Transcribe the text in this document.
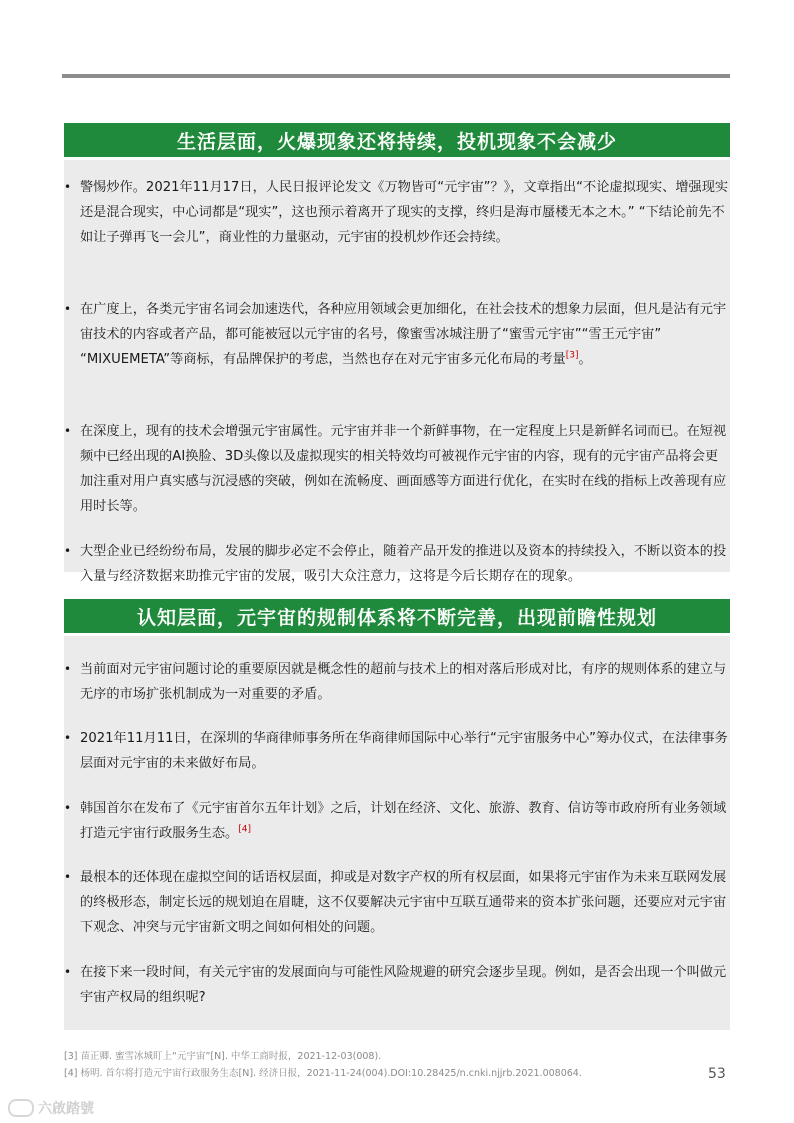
生活层面，火爆现象还将持续，投机现象不会减少
• 警惕炒作。2021年11月17日，人民日报评论发文《万物皆可“元宇宙”？》，文章指出“不论虚拟现实、增强现实还是混合现实，中心词都是“现实”，这也预示着离开了现实的支撑，终归是海市蜃楼无本之木。” “下结论前先不如让子弹再飞一会儿”，商业性的力量驱动，元宇宙的投机炒作还会持续。
• 在广度上，各类元宇宙名词会加速迭代，各种应用领域会更加细化，在社会技术的想象力层面，但凡是沾有元宇宙技术的内容或者产品，都可能被冠以元宇宙的名号，像蜜雪冰城注册了“蜜雪元宇宙”“雪王元宇宙” “MIXUEMETA”等商标，有品牌保护的考虑，当然也存在对元宇宙多元化布局的考量[3]。
• 在深度上，现有的技术会增强元宇宙属性。元宇宙并非一个新鲜事物，在一定程度上只是新鲜名词而已。在短视频中已经出现的AI换脸、3D头像以及虚拟现实的相关特效均可被视作元宇宙的内容，现有的元宇宙产品将会更加注重对用户真实感与沉浸感的突破，例如在流畅度、画面感等方面进行优化，在实时在线的指标上改善现有应用时长等。
• 大型企业已经纷纷布局，发展的脚步必定不会停止，随着产品开发的推进以及资本的持续投入，不断以资本的投入量与经济数据来助推元宇宙的发展，吸引大众注意力，这将是今后长期存在的现象。
认知层面，元宇宙的规制体系将不断完善，出现前瞻性规划
• 当前面对元宇宙问题讨论的重要原因就是概念性的超前与技术上的相对落后形成对比，有序的规则体系的建立与无序的市场扩张机制成为一对重要的矛盾。
• 2021年11月11日，在深圳的华商律师事务所在华商律师国际中心举行“元宇宙服务中心”筹办仪式，在法律事务层面对元宇宙的未来做好布局。
• 韩国首尔在发布了《元宇宙首尔五年计划》之后，计划在经济、文化、旅游、教育、信访等市政府所有业务领域打造元宇宙行政服务生态。[4]
• 最根本的还体现在虚拟空间的话语权层面，抑或是对数字产权的所有权层面，如果将元宇宙作为未来互联网发展的终极形态，制定长远的规划迫在眉睫，这不仅要解决元宇宙中互联互通带来的资本扩张问题，还要应对元宇宙下观念、冲突与元宇宙新文明之间如何相处的问题。
• 在接下来一段时间，有关元宇宙的发展面向与可能性风险规避的研究会逐步呈现。例如，是否会出现一个叫做元宇宙产权局的组织呢?
[3] 苗正卿. 蜜雪冰城盯上“元宇宙”[N]. 中华工商时报，2021-12-03(008).
[4] 杨明. 首尔将打造元宇宙行政服务生态[N]. 经济日报，2021-11-24(004).DOI:10.28425/n.cnki.njjrb.2021.008064.	53
六啟踏號
